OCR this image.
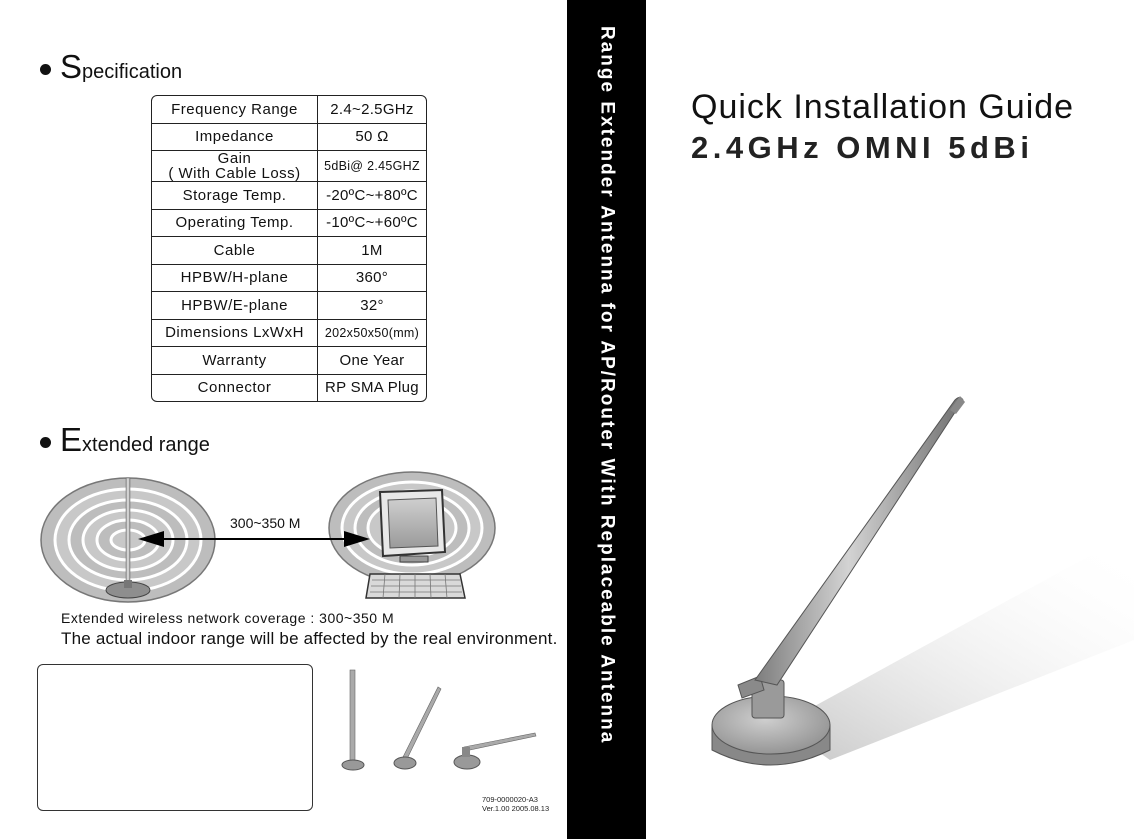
S pecification
Frequency Range	2.4~2.5GHz
Impedance	50 Ω
Gain
( With Cable Loss)	5dBi@ 2.45GHZ
Storage Temp.	-20ºC~+80ºC
Operating Temp.	-10ºC~+60ºC
Cable	1M
HPBW/H-plane	360°
HPBW/E-plane	32°
Dimensions LxWxH	202x50x50(mm)
Warranty	One Year
Connector	RP SMA Plug
E xtended range
300~350 M
Extended wireless network coverage : 300~350 M
The actual indoor range will be affected by the real environment.
709-0000020-A3
Ver.1.00 2005.08.13
Range Extender Antenna for AP/Router With Replaceable Antenna Quick Installation Guide
2.4GHz OMNI 5dBi
